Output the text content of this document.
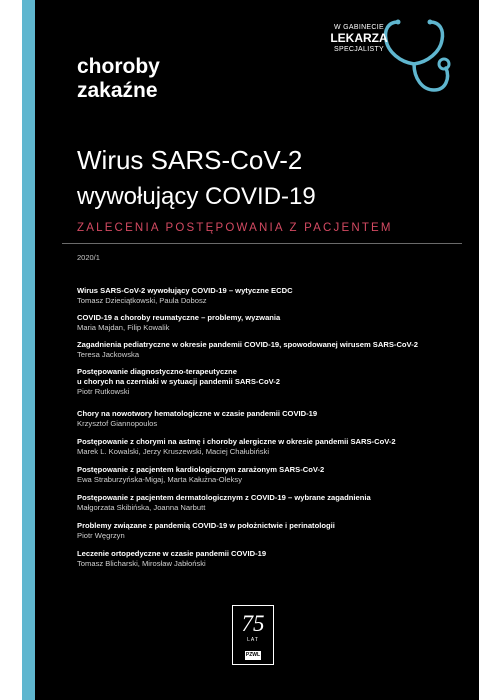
choroby
zakaźne
W GABINECIE
LEKARZA
SPECJALISTY
Wirus SARS-CoV-2
wywołujący COVID-19
ZALECENIA POSTĘPOWANIA Z PACJENTEM
2020/1
Wirus SARS-CoV-2 wywołujący COVID-19 – wytyczne ECDC
Tomasz Dzieciątkowski, Paula Dobosz
COVID-19 a choroby reumatyczne – problemy, wyzwania
Maria Majdan, Filip Kowalik
Zagadnienia pediatryczne w okresie pandemii COVID-19, spowodowanej wirusem SARS-CoV-2
Teresa Jackowska
Postępowanie diagnostyczno-terapeutyczne
u chorych na czerniaki w sytuacji pandemii SARS-CoV-2
Piotr Rutkowski
Chory na nowotwory hematologiczne w czasie pandemii COVID-19
Krzysztof Giannopoulos
Postępowanie z chorymi na astmę i choroby alergiczne w okresie pandemii SARS-CoV-2
Marek L. Kowalski, Jerzy Kruszewski, Maciej Chałubiński
Postępowanie z pacjentem kardiologicznym zarażonym SARS-CoV-2
Ewa Straburzyńska-Migaj, Marta Kałużna-Oleksy
Postępowanie z pacjentem dermatologicznym z COVID-19 – wybrane zagadnienia
Małgorzata Skibińska, Joanna Narbutt
Problemy związane z pandemią COVID-19 w położnictwie i perinatologii
Piotr Węgrzyn
Leczenie ortopedyczne w czasie pandemii COVID-19
Tomasz Blicharski, Mirosław Jabłoński
75
LAT
PZWL
